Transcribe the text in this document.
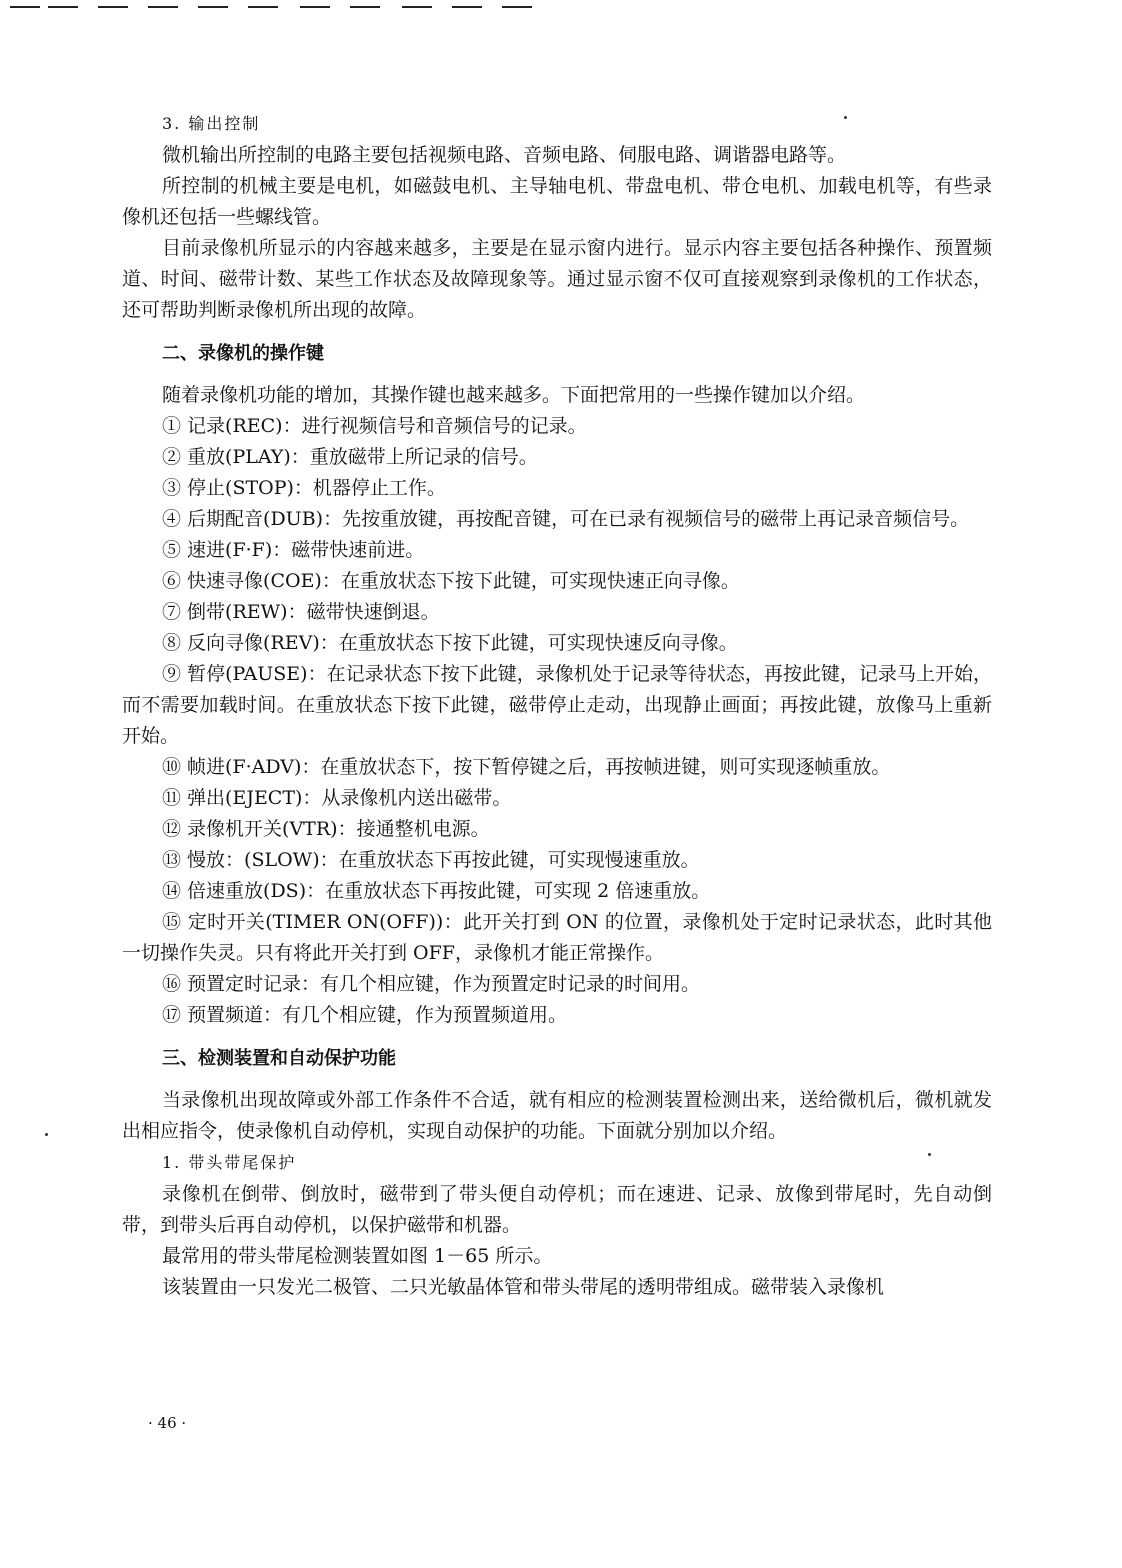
3. 输出控制

微机输出所控制的电路主要包括视频电路、音频电路、伺服电路、调谐器电路等。

所控制的机械主要是电机，如磁鼓电机、主导轴电机、带盘电机、带仓电机、加载电机等，有些录像机还包括一些螺线管。

目前录像机所显示的内容越来越多，主要是在显示窗内进行。显示内容主要包括各种操作、预置频道、时间、磁带计数、某些工作状态及故障现象等。通过显示窗不仅可直接观察到录像机的工作状态，还可帮助判断录像机所出现的故障。

二、录像机的操作键

随着录像机功能的增加，其操作键也越来越多。下面把常用的一些操作键加以介绍。

① 记录(REC)：进行视频信号和音频信号的记录。

② 重放(PLAY)：重放磁带上所记录的信号。

③ 停止(STOP)：机器停止工作。

④ 后期配音(DUB)：先按重放键，再按配音键，可在已录有视频信号的磁带上再记录音频信号。

⑤ 速进(F·F)：磁带快速前进。

⑥ 快速寻像(COE)：在重放状态下按下此键，可实现快速正向寻像。

⑦ 倒带(REW)：磁带快速倒退。

⑧ 反向寻像(REV)：在重放状态下按下此键，可实现快速反向寻像。

⑨ 暂停(PAUSE)：在记录状态下按下此键，录像机处于记录等待状态，再按此键，记录马上开始，而不需要加载时间。在重放状态下按下此键，磁带停止走动，出现静止画面；再按此键，放像马上重新开始。

⑩ 帧进(F·ADV)：在重放状态下，按下暂停键之后，再按帧进键，则可实现逐帧重放。

⑪ 弹出(EJECT)：从录像机内送出磁带。

⑫ 录像机开关(VTR)：接通整机电源。

⑬ 慢放：(SLOW)：在重放状态下再按此键，可实现慢速重放。

⑭ 倍速重放(DS)：在重放状态下再按此键，可实现 2 倍速重放。

⑮ 定时开关(TIMER ON(OFF))：此开关打到 ON 的位置，录像机处于定时记录状态，此时其他一切操作失灵。只有将此开关打到 OFF，录像机才能正常操作。

⑯ 预置定时记录：有几个相应键，作为预置定时记录的时间用。

⑰ 预置频道：有几个相应键，作为预置频道用。

三、检测装置和自动保护功能

当录像机出现故障或外部工作条件不合适，就有相应的检测装置检测出来，送给微机后，微机就发出相应指令，使录像机自动停机，实现自动保护的功能。下面就分别加以介绍。

1. 带头带尾保护

录像机在倒带、倒放时，磁带到了带头便自动停机；而在速进、记录、放像到带尾时，先自动倒带，到带头后再自动停机，以保护磁带和机器。

最常用的带头带尾检测装置如图 1－65 所示。

该装置由一只发光二极管、二只光敏晶体管和带头带尾的透明带组成。磁带装入录像机

· 46 ·
